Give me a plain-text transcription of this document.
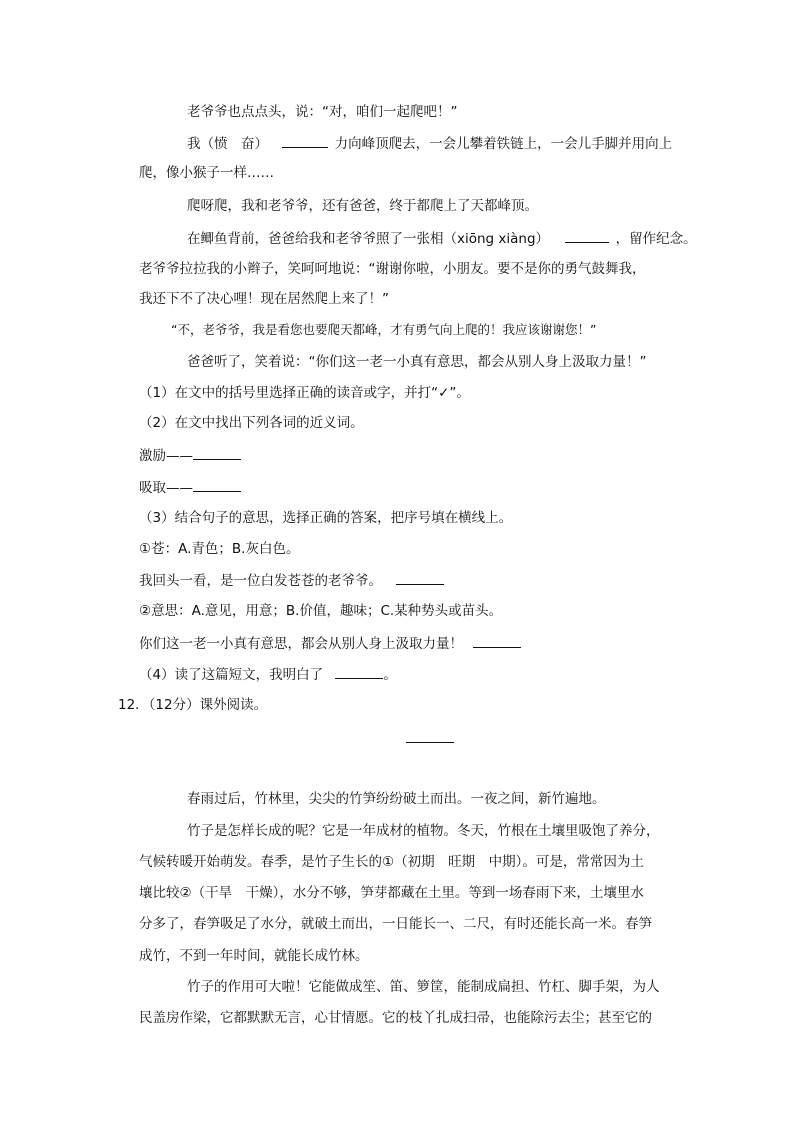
老爷爷也点点头，说：“对，咱们一起爬吧！”
我（愤　奋）	力向峰顶爬去，一会儿攀着铁链上，一会儿手脚并用向上
爬，像小猴子一样……
爬呀爬，我和老爷爷，还有爸爸，终于都爬上了天都峰顶。
在鲫鱼背前，爸爸给我和老爷爷照了一张相（xiōng xiàng）	，留作纪念。
老爷爷拉拉我的小辫子，笑呵呵地说：“谢谢你啦，小朋友。要不是你的勇气鼓舞我，
我还下不了决心哩！现在居然爬上来了！”
“不，老爷爷，我是看您也要爬天都峰，才有勇气向上爬的！我应该谢谢您！”
爸爸听了，笑着说：“你们这一老一小真有意思，都会从别人身上汲取力量！”
（1）在文中的括号里选择正确的读音或字，并打“✓”。
（2）在文中找出下列各词的近义词。
激励——
吸取——
（3）结合句子的意思，选择正确的答案，把序号填在横线上。
①苍：A.青色；B.灰白色。
我回头一看，是一位白发苍苍的老爷爷。
②意思：A.意见，用意；B.价值，趣味；C.某种势头或苗头。
你们这一老一小真有意思，都会从别人身上汲取力量！
（4）读了这篇短文，我明白了	。
12．（12分）课外阅读。
春雨过后，竹林里，尖尖的竹笋纷纷破土而出。一夜之间，新竹遍地。
竹子是怎样长成的呢？它是一年成材的植物。冬天，竹根在土壤里吸饱了养分，
气候转暖开始萌发。春季，是竹子生长的①（初期　旺期　中期）。可是，常常因为土
壤比较②（干旱　干燥），水分不够，笋芽都藏在土里。等到一场春雨下来，土壤里水
分多了，春笋吸足了水分，就破土而出，一日能长一、二尺，有时还能长高一米。春笋
成竹，不到一年时间，就能长成竹林。
竹子的作用可大啦！它能做成笙、笛、箩筐，能制成扁担、竹杠、脚手架，为人
民盖房作梁，它都默默无言，心甘情愿。它的枝丫扎成扫帚，也能除污去尘；甚至它的
